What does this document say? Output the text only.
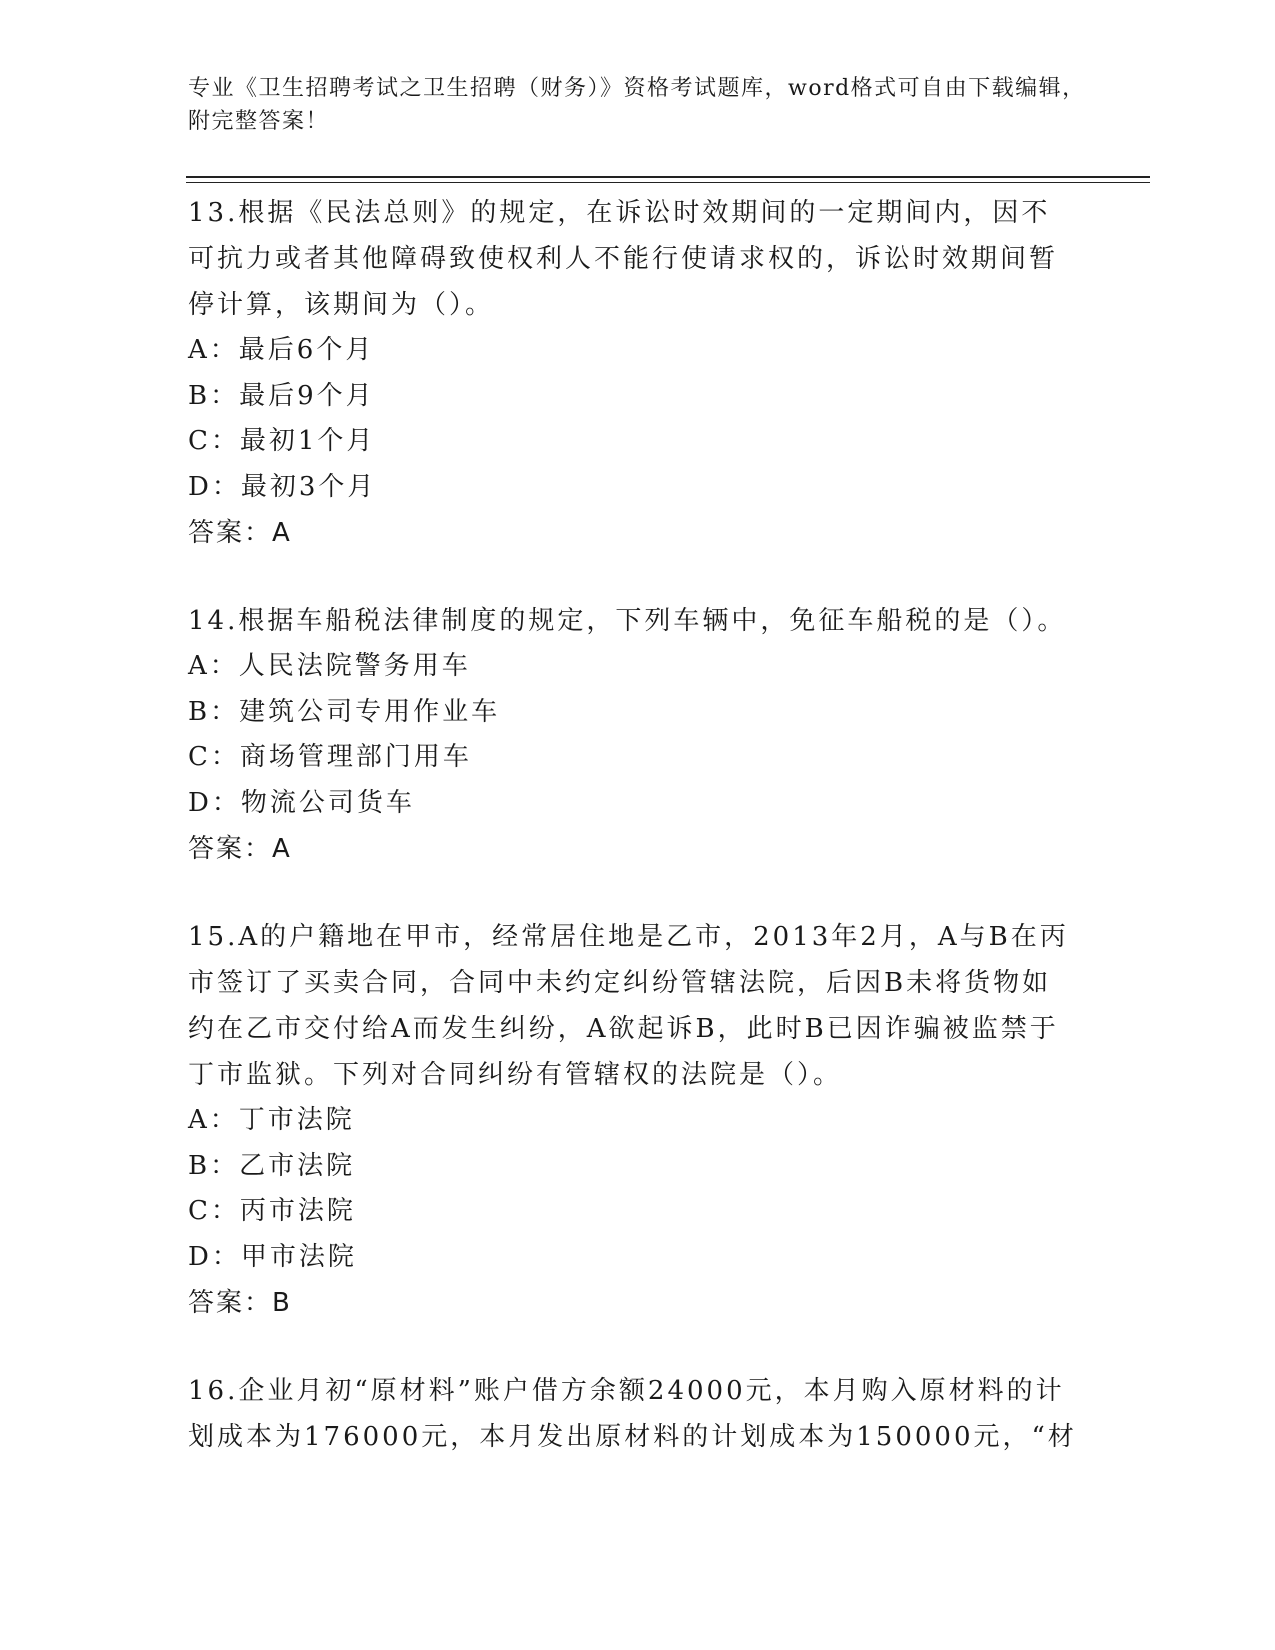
专业《卫生招聘考试之卫生招聘（财务）》资格考试题库，word格式可自由下载编辑，附完整答案！

13.根据《民法总则》的规定，在诉讼时效期间的一定期间内，因不可抗力或者其他障碍致使权利人不能行使请求权的，诉讼时效期间暂停计算，该期间为（）。

A：最后6个月

B：最后9个月

C：最初1个月

D：最初3个月

答案：A

14.根据车船税法律制度的规定，下列车辆中，免征车船税的是（）。

A：人民法院警务用车

B：建筑公司专用作业车

C：商场管理部门用车

D：物流公司货车

答案：A

15.A的户籍地在甲市，经常居住地是乙市，2013年2月，A与B在丙市签订了买卖合同，合同中未约定纠纷管辖法院，后因B未将货物如约在乙市交付给A而发生纠纷，A欲起诉B，此时B已因诈骗被监禁于丁市监狱。下列对合同纠纷有管辖权的法院是（）。

A：丁市法院

B：乙市法院

C：丙市法院

D：甲市法院

答案：B

16.企业月初“原材料”账户借方余额24000元，本月购入原材料的计划成本为176000元，本月发出原材料的计划成本为150000元，“材
